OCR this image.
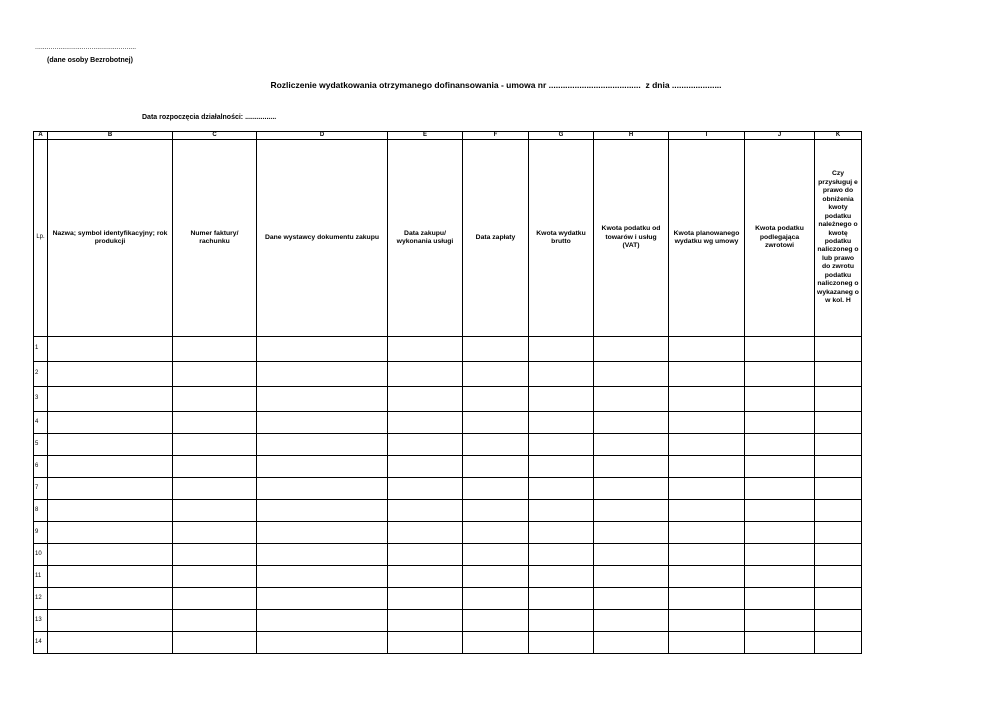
....................................................
(dane osoby Bezrobotnej)
Rozliczenie wydatkowania otrzymanego dofinansowania - umowa nr .......................................  z dnia .....................
Data rozpoczęcia działalności: ................
A	B	C	D	E	F	G	H	I	J	K
Lp.	Nazwa; symbol identyfikacyjny; rok produkcji	Numer faktury/ rachunku	Dane wystawcy dokumentu zakupu	Data zakupu/ wykonania usługi	Data zapłaty	Kwota wydatku brutto	Kwota podatku od towarów i usług (VAT)	Kwota planowanego wydatku wg umowy	Kwota podatku podlegająca zwrotowi	Czy przysługuj e prawo do obniżenia kwoty podatku należnego o kwotę podatku naliczoneg o lub prawo do zwrotu podatku naliczoneg o wykazaneg o w kol. H
1										
2										
3										
4										
5										
6										
7										
8										
9										
10										
11										
12										
13										
14										
